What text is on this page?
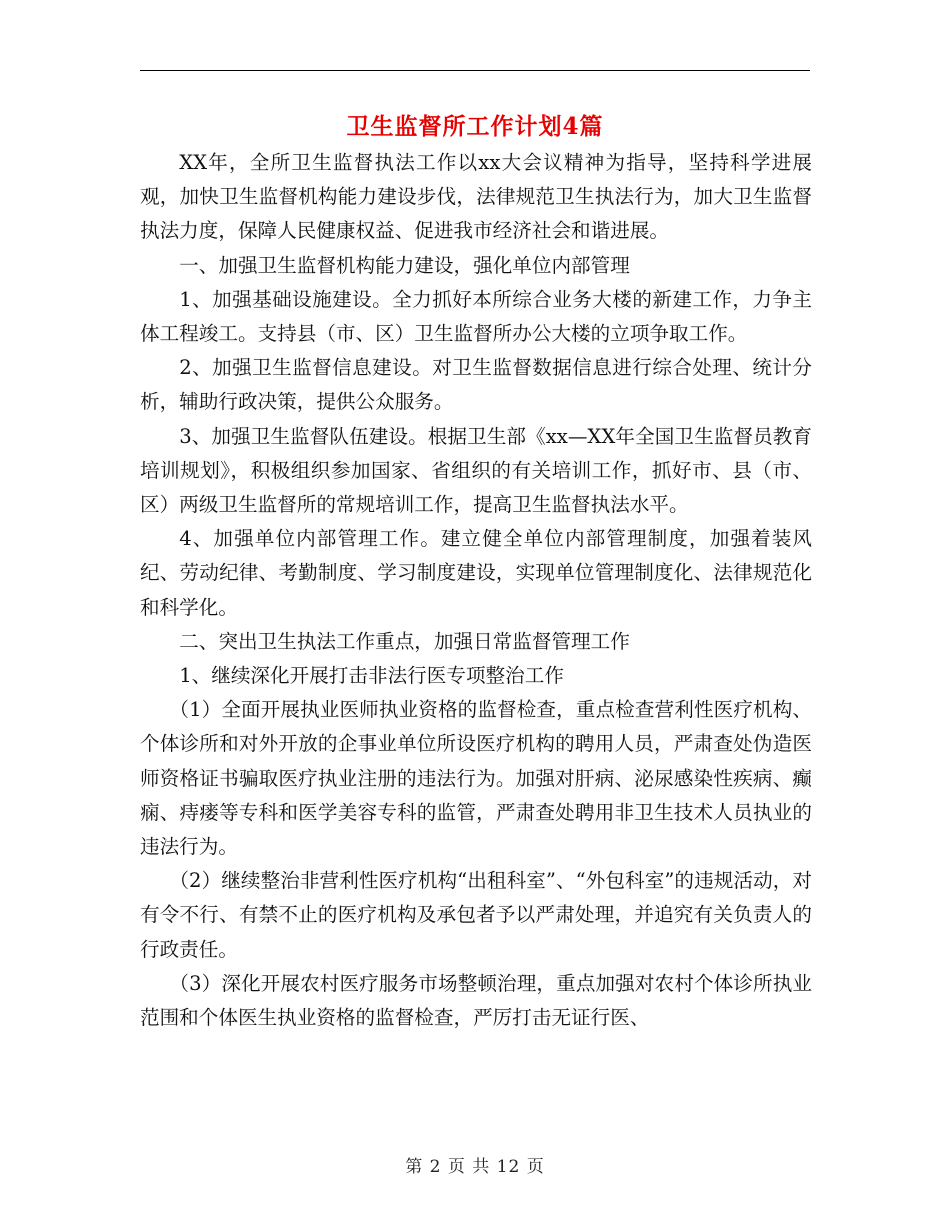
卫生监督所工作计划4篇

XX年，全所卫生监督执法工作以xx大会议精神为指导，坚持科学进展观，加快卫生监督机构能力建设步伐，法律规范卫生执法行为，加大卫生监督执法力度，保障人民健康权益、促进我市经济社会和谐进展。

一、加强卫生监督机构能力建设，强化单位内部管理

1、加强基础设施建设。全力抓好本所综合业务大楼的新建工作，力争主体工程竣工。支持县（市、区）卫生监督所办公大楼的立项争取工作。

2、加强卫生监督信息建设。对卫生监督数据信息进行综合处理、统计分析，辅助行政决策，提供公众服务。

3、加强卫生监督队伍建设。根据卫生部《xx—XX年全国卫生监督员教育培训规划》，积极组织参加国家、省组织的有关培训工作，抓好市、县（市、区）两级卫生监督所的常规培训工作，提高卫生监督执法水平。

4、加强单位内部管理工作。建立健全单位内部管理制度，加强着装风纪、劳动纪律、考勤制度、学习制度建设，实现单位管理制度化、法律规范化和科学化。

二、突出卫生执法工作重点，加强日常监督管理工作

1、继续深化开展打击非法行医专项整治工作

（1）全面开展执业医师执业资格的监督检查，重点检查营利性医疗机构、个体诊所和对外开放的企事业单位所设医疗机构的聘用人员，严肃查处伪造医师资格证书骗取医疗执业注册的违法行为。加强对肝病、泌尿感染性疾病、癫痫、痔瘘等专科和医学美容专科的监管，严肃查处聘用非卫生技术人员执业的违法行为。

（2）继续整治非营利性医疗机构“出租科室”、“外包科室”的违规活动，对有令不行、有禁不止的医疗机构及承包者予以严肃处理，并追究有关负责人的行政责任。

（3）深化开展农村医疗服务市场整顿治理，重点加强对农村个体诊所执业范围和个体医生执业资格的监督检查，严厉打击无证行医、

第 2 页 共 12 页
